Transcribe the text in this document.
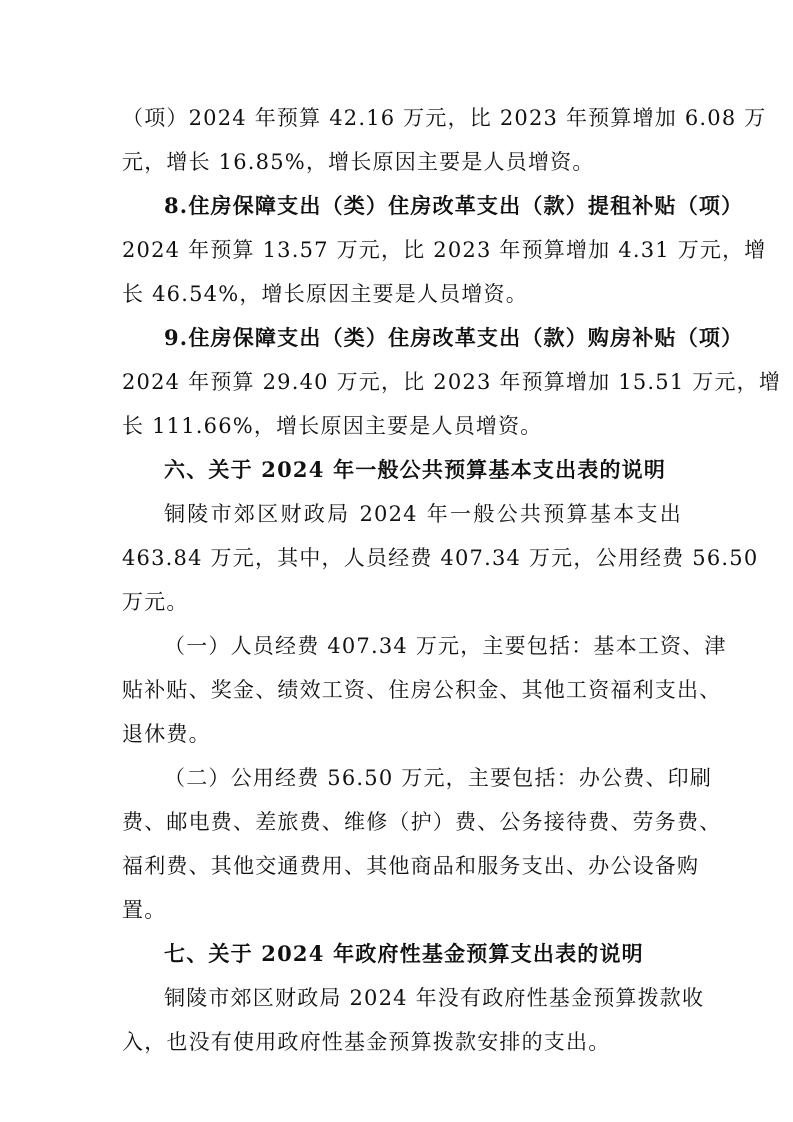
（项）2024 年预算 42.16 万元，比 2023 年预算增加 6.08 万
元，增长 16.85%，增长原因主要是人员增资。
8.住房保障支出（类）住房改革支出（款）提租补贴（项）
2024 年预算 13.57 万元，比 2023 年预算增加 4.31 万元，增
长 46.54%，增长原因主要是人员增资。
9.住房保障支出（类）住房改革支出（款）购房补贴（项）
2024 年预算 29.40 万元，比 2023 年预算增加 15.51 万元，增
长 111.66%，增长原因主要是人员增资。
六、关于 2024 年一般公共预算基本支出表的说明
铜陵市郊区财政局 2024 年一般公共预算基本支出
463.84 万元，其中，人员经费 407.34 万元，公用经费 56.50
万元。
（一）人员经费 407.34 万元，主要包括：基本工资、津
贴补贴、奖金、绩效工资、住房公积金、其他工资福利支出、
退休费。
（二）公用经费 56.50 万元，主要包括：办公费、印刷
费、邮电费、差旅费、维修（护）费、公务接待费、劳务费、
福利费、其他交通费用、其他商品和服务支出、办公设备购
置。
七、关于 2024 年政府性基金预算支出表的说明
铜陵市郊区财政局 2024 年没有政府性基金预算拨款收
入，也没有使用政府性基金预算拨款安排的支出。
